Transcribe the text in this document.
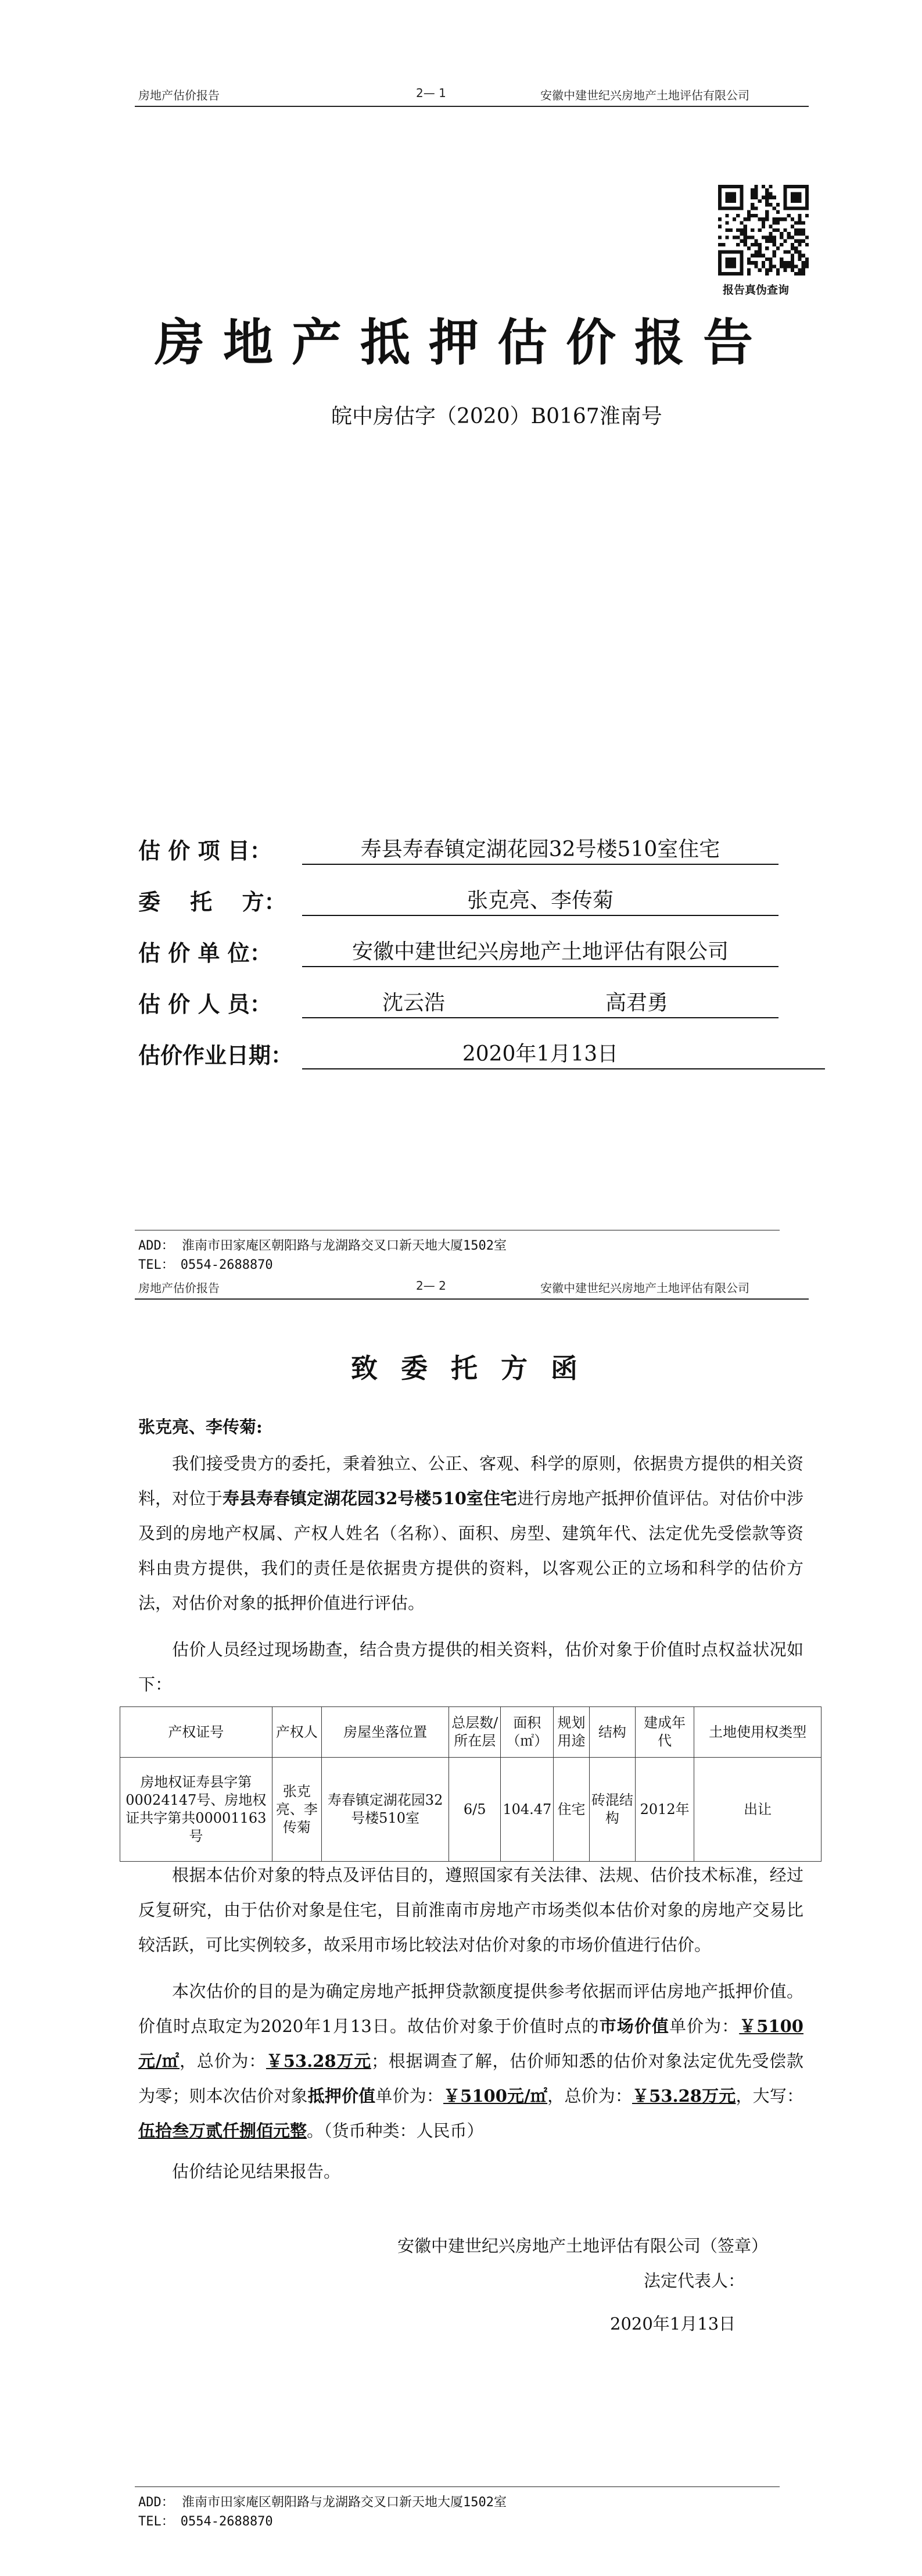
房地产估价报告	2— 1	安徽中建世纪兴房地产土地评估有限公司
报告真伪查询
房地产抵押估价报告
皖中房估字（2020）B0167淮南号
估 价 项 目：	寿县寿春镇定湖花园32号楼510室住宅
委　 托　 方：	张克亮、李传菊
估 价 单 位：	安徽中建世纪兴房地产土地评估有限公司
估 价 人 员：	沈云浩	高君勇
估价作业日期：	2020年1月13日
ADD： 淮南市田家庵区朝阳路与龙湖路交叉口新天地大厦1502室
TEL：　0554-2688870
房地产估价报告	2— 2	安徽中建世纪兴房地产土地评估有限公司
致委托方函
张克亮、李传菊:
我们接受贵方的委托，秉着独立、公正、客观、科学的原则，依据贵方提供的相关资料，对位于寿县寿春镇定湖花园32号楼510室住宅进行房地产抵押价值评估。对估价中涉及到的房地产权属、产权人姓名（名称）、面积、房型、建筑年代、法定优先受偿款等资料由贵方提供，我们的责任是依据贵方提供的资料，以客观公正的立场和科学的估价方法，对估价对象的抵押价值进行评估。
估价人员经过现场勘查，结合贵方提供的相关资料，估价对象于价值时点权益状况如下：
产权证号	产权人	房屋坐落位置	总层数/所在层	面积（㎡）	规划用途	结构	建成年代	土地使用权类型
房地权证寿县字第00024147号、房地权证共字第共00001163号	张克亮、李传菊	寿春镇定湖花园32号楼510室	6/5	104.47	住宅	砖混结构	2012年	出让
根据本估价对象的特点及评估目的，遵照国家有关法律、法规、估价技术标准，经过反复研究，由于估价对象是住宅，目前淮南市房地产市场类似本估价对象的房地产交易比较活跃，可比实例较多，故采用市场比较法对估价对象的市场价值进行估价。
本次估价的目的是为确定房地产抵押贷款额度提供参考依据而评估房地产抵押价值。价值时点取定为2020年1月13日。故估价对象于价值时点的市场价值单价为：￥5100元/㎡，总价为：￥53.28万元；根据调查了解，估价师知悉的估价对象法定优先受偿款为零；则本次估价对象抵押价值单价为：￥5100元/㎡，总价为：￥53.28万元，大写：伍拾叁万贰仟捌佰元整。（货币种类：人民币）
估价结论见结果报告。
安徽中建世纪兴房地产土地评估有限公司（签章）
法定代表人：
2020年1月13日
ADD： 淮南市田家庵区朝阳路与龙湖路交叉口新天地大厦1502室
TEL：　0554-2688870
